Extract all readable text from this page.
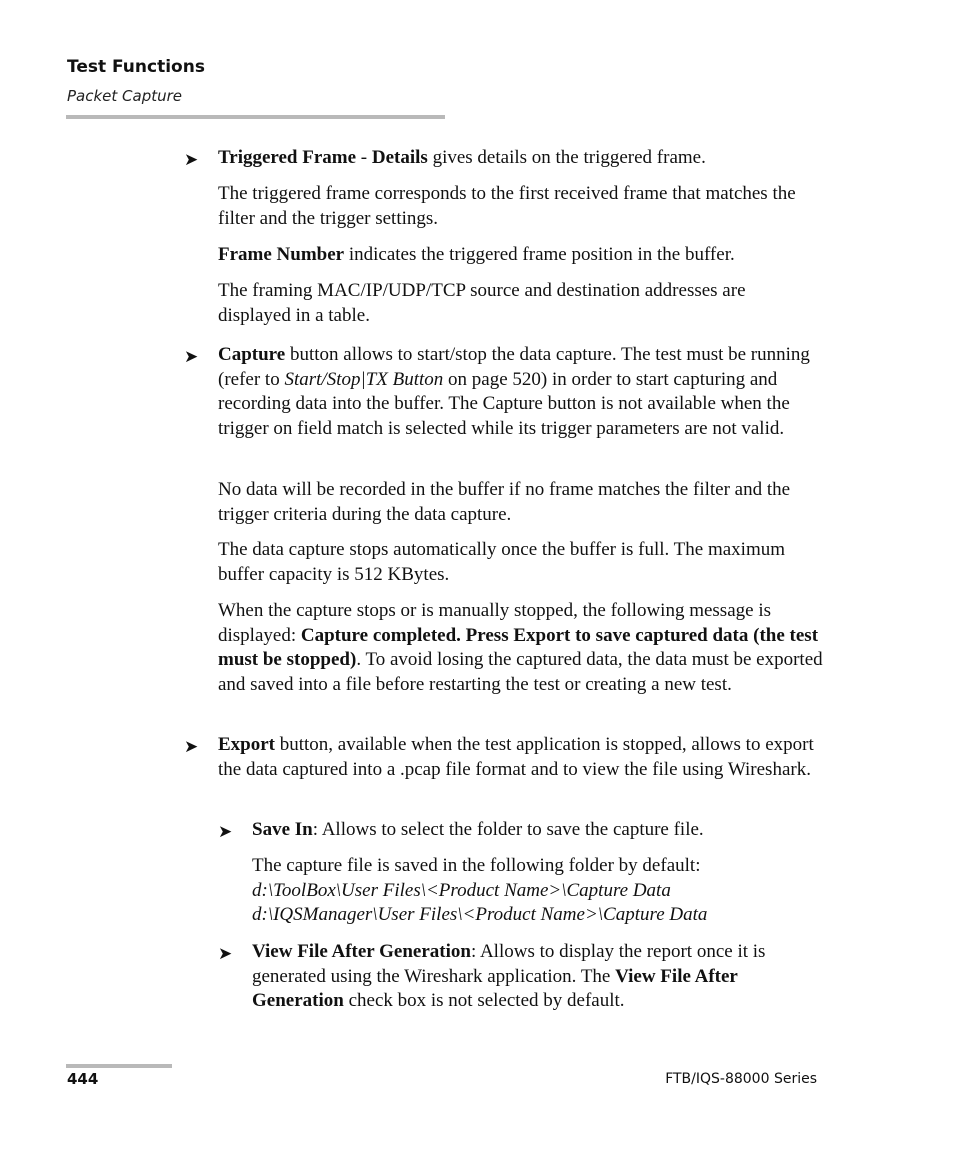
Test Functions
Packet Capture
➤ Triggered Frame - Details gives details on the triggered frame.
The triggered frame corresponds to the first received frame that matches the filter and the trigger settings.
Frame Number indicates the triggered frame position in the buffer.
The framing MAC/IP/UDP/TCP source and destination addresses are displayed in a table.
➤ Capture button allows to start/stop the data capture. The test must be running (refer to Start/Stop|TX Button on page 520) in order to start capturing and recording data into the buffer. The Capture button is not available when the trigger on field match is selected while its trigger parameters are not valid.
No data will be recorded in the buffer if no frame matches the filter and the trigger criteria during the data capture.
The data capture stops automatically once the buffer is full. The maximum buffer capacity is 512 KBytes.
When the capture stops or is manually stopped, the following message is displayed: Capture completed. Press Export to save captured data (the test must be stopped). To avoid losing the captured data, the data must be exported and saved into a file before restarting the test or creating a new test.
➤ Export button, available when the test application is stopped, allows to export the data captured into a .pcap file format and to view the file using Wireshark.
➤ Save In: Allows to select the folder to save the capture file.
The capture file is saved in the following folder by default:
d:\ToolBox\User Files\<Product Name>\Capture Data
d:\IQSManager\User Files\<Product Name>\Capture Data
➤ View File After Generation: Allows to display the report once it is generated using the Wireshark application. The View File After Generation check box is not selected by default.
444	FTB/IQS-88000 Series
